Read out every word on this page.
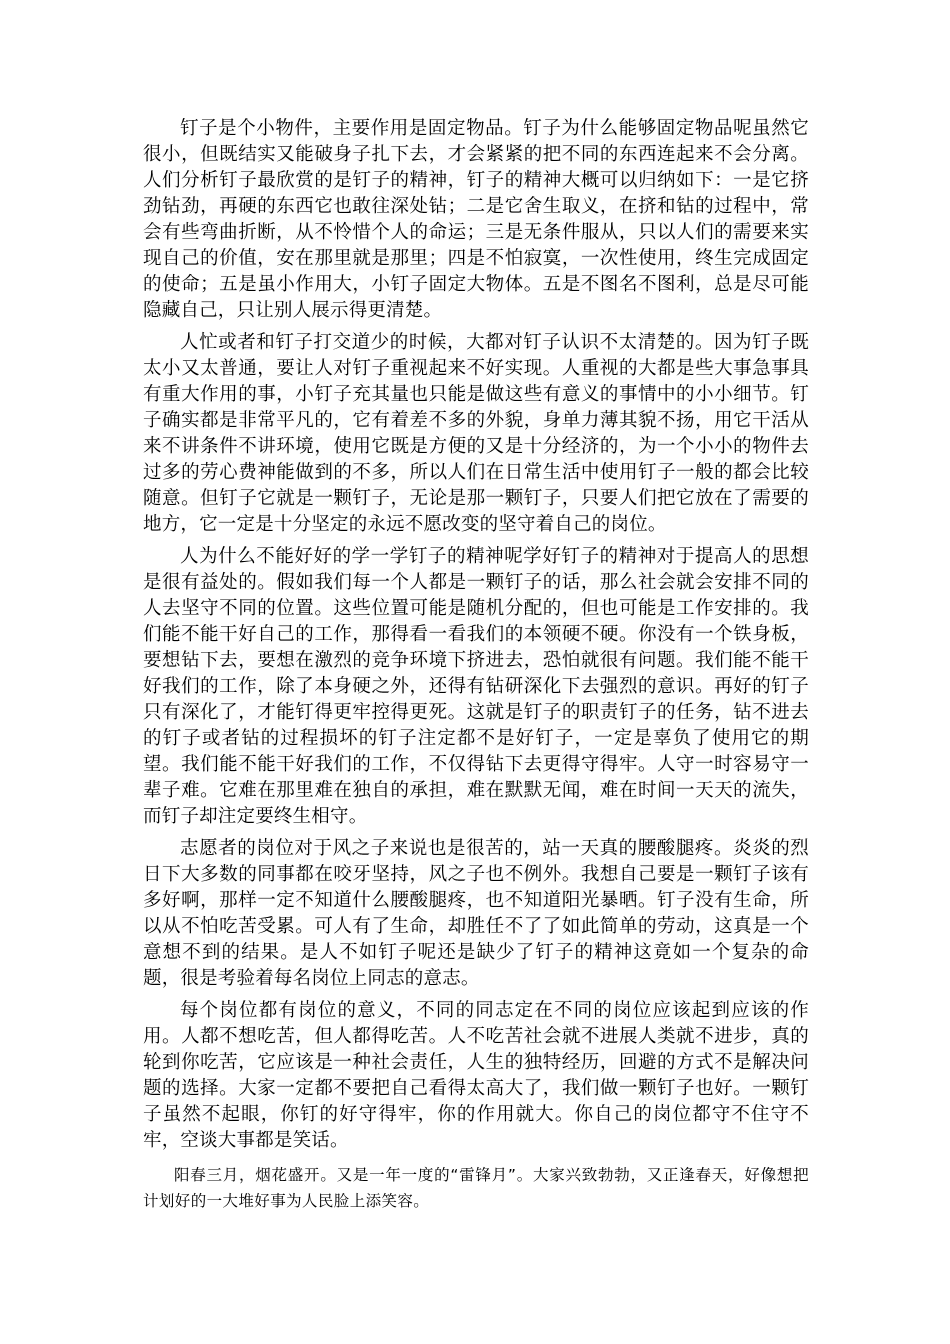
钉子是个小物件，主要作用是固定物品。钉子为什么能够固定物品呢虽然它很小，但既结实又能破身子扎下去，才会紧紧的把不同的东西连起来不会分离。人们分析钉子最欣赏的是钉子的精神，钉子的精神大概可以归纳如下：一是它挤劲钻劲，再硬的东西它也敢往深处钻；二是它舍生取义，在挤和钻的过程中，常会有些弯曲折断，从不怜惜个人的命运；三是无条件服从，只以人们的需要来实现自己的价值，安在那里就是那里；四是不怕寂寞，一次性使用，终生完成固定的使命；五是虽小作用大，小钉子固定大物体。五是不图名不图利，总是尽可能隐藏自己，只让别人展示得更清楚。

人忙或者和钉子打交道少的时候，大都对钉子认识不太清楚的。因为钉子既太小又太普通，要让人对钉子重视起来不好实现。人重视的大都是些大事急事具有重大作用的事，小钉子充其量也只能是做这些有意义的事情中的小小细节。钉子确实都是非常平凡的，它有着差不多的外貌，身单力薄其貌不扬，用它干活从来不讲条件不讲环境，使用它既是方便的又是十分经济的，为一个小小的物件去过多的劳心费神能做到的不多，所以人们在日常生活中使用钉子一般的都会比较随意。但钉子它就是一颗钉子，无论是那一颗钉子，只要人们把它放在了需要的地方，它一定是十分坚定的永远不愿改变的坚守着自己的岗位。

人为什么不能好好的学一学钉子的精神呢学好钉子的精神对于提高人的思想是很有益处的。假如我们每一个人都是一颗钉子的话，那么社会就会安排不同的人去坚守不同的位置。这些位置可能是随机分配的，但也可能是工作安排的。我们能不能干好自己的工作，那得看一看我们的本领硬不硬。你没有一个铁身板，要想钻下去，要想在激烈的竞争环境下挤进去，恐怕就很有问题。我们能不能干好我们的工作，除了本身硬之外，还得有钻研深化下去强烈的意识。再好的钉子只有深化了，才能钉得更牢控得更死。这就是钉子的职责钉子的任务，钻不进去的钉子或者钻的过程损坏的钉子注定都不是好钉子，一定是辜负了使用它的期望。我们能不能干好我们的工作，不仅得钻下去更得守得牢。人守一时容易守一辈子难。它难在那里难在独自的承担，难在默默无闻，难在时间一天天的流失，而钉子却注定要终生相守。

志愿者的岗位对于风之子来说也是很苦的，站一天真的腰酸腿疼。炎炎的烈日下大多数的同事都在咬牙坚持，风之子也不例外。我想自己要是一颗钉子该有多好啊，那样一定不知道什么腰酸腿疼，也不知道阳光暴晒。钉子没有生命，所以从不怕吃苦受累。可人有了生命，却胜任不了了如此简单的劳动，这真是一个意想不到的结果。是人不如钉子呢还是缺少了钉子的精神这竟如一个复杂的命题，很是考验着每名岗位上同志的意志。

每个岗位都有岗位的意义，不同的同志定在不同的岗位应该起到应该的作用。人都不想吃苦，但人都得吃苦。人不吃苦社会就不进展人类就不进步，真的轮到你吃苦，它应该是一种社会责任，人生的独特经历，回避的方式不是解决问题的选择。大家一定都不要把自己看得太高大了，我们做一颗钉子也好。一颗钉子虽然不起眼，你钉的好守得牢，你的作用就大。你自己的岗位都守不住守不牢，空谈大事都是笑话。

阳春三月，烟花盛开。又是一年一度的“雷锋月”。大家兴致勃勃，又正逢春天，好像想把计划好的一大堆好事为人民脸上添笑容。
